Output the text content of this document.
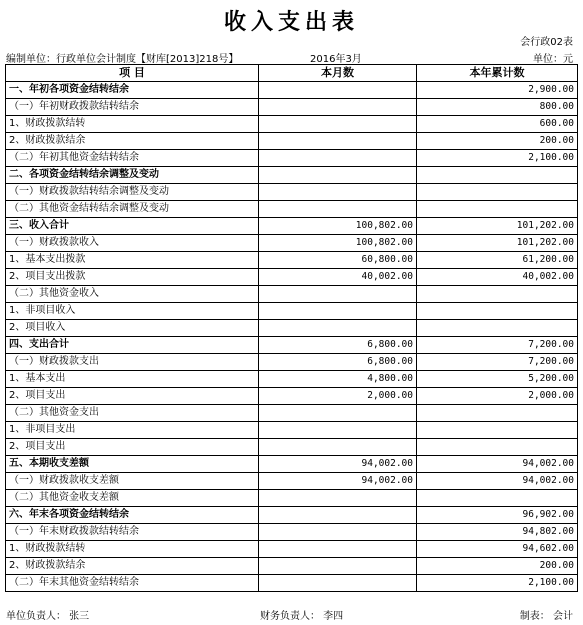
收入支出表
会行政02表
编制单位：行政单位会计制度【财库[2013]218号】	2016年3月	单位：元
项 目	本月数	本年累计数
一、年初各项资金结转结余		2,900.00
（一）年初财政拨款结转结余		800.00
1、财政拨款结转		600.00
2、财政拨款结余		200.00
（二）年初其他资金结转结余		2,100.00
二、各项资金结转结余调整及变动		
（一）财政拨款结转结余调整及变动		
（二）其他资金结转结余调整及变动		
三、收入合计	100,802.00	101,202.00
（一）财政拨款收入	100,802.00	101,202.00
1、基本支出拨款	60,800.00	61,200.00
2、项目支出拨款	40,002.00	40,002.00
（二）其他资金收入		
1、非项目收入		
2、项目收入		
四、支出合计	6,800.00	7,200.00
（一）财政拨款支出	6,800.00	7,200.00
1、基本支出	4,800.00	5,200.00
2、项目支出	2,000.00	2,000.00
（二）其他资金支出		
1、非项目支出		
2、项目支出		
五、本期收支差额	94,002.00	94,002.00
（一）财政拨款收支差额	94,002.00	94,002.00
（二）其他资金收支差额		
六、年末各项资金结转结余		96,902.00
（一）年末财政拨款结转结余		94,802.00
1、财政拨款结转		94,602.00
2、财政拨款结余		200.00
（二）年末其他资金结转结余		2,100.00
单位负责人： 张三	财务负责人： 李四	制表： 会计
